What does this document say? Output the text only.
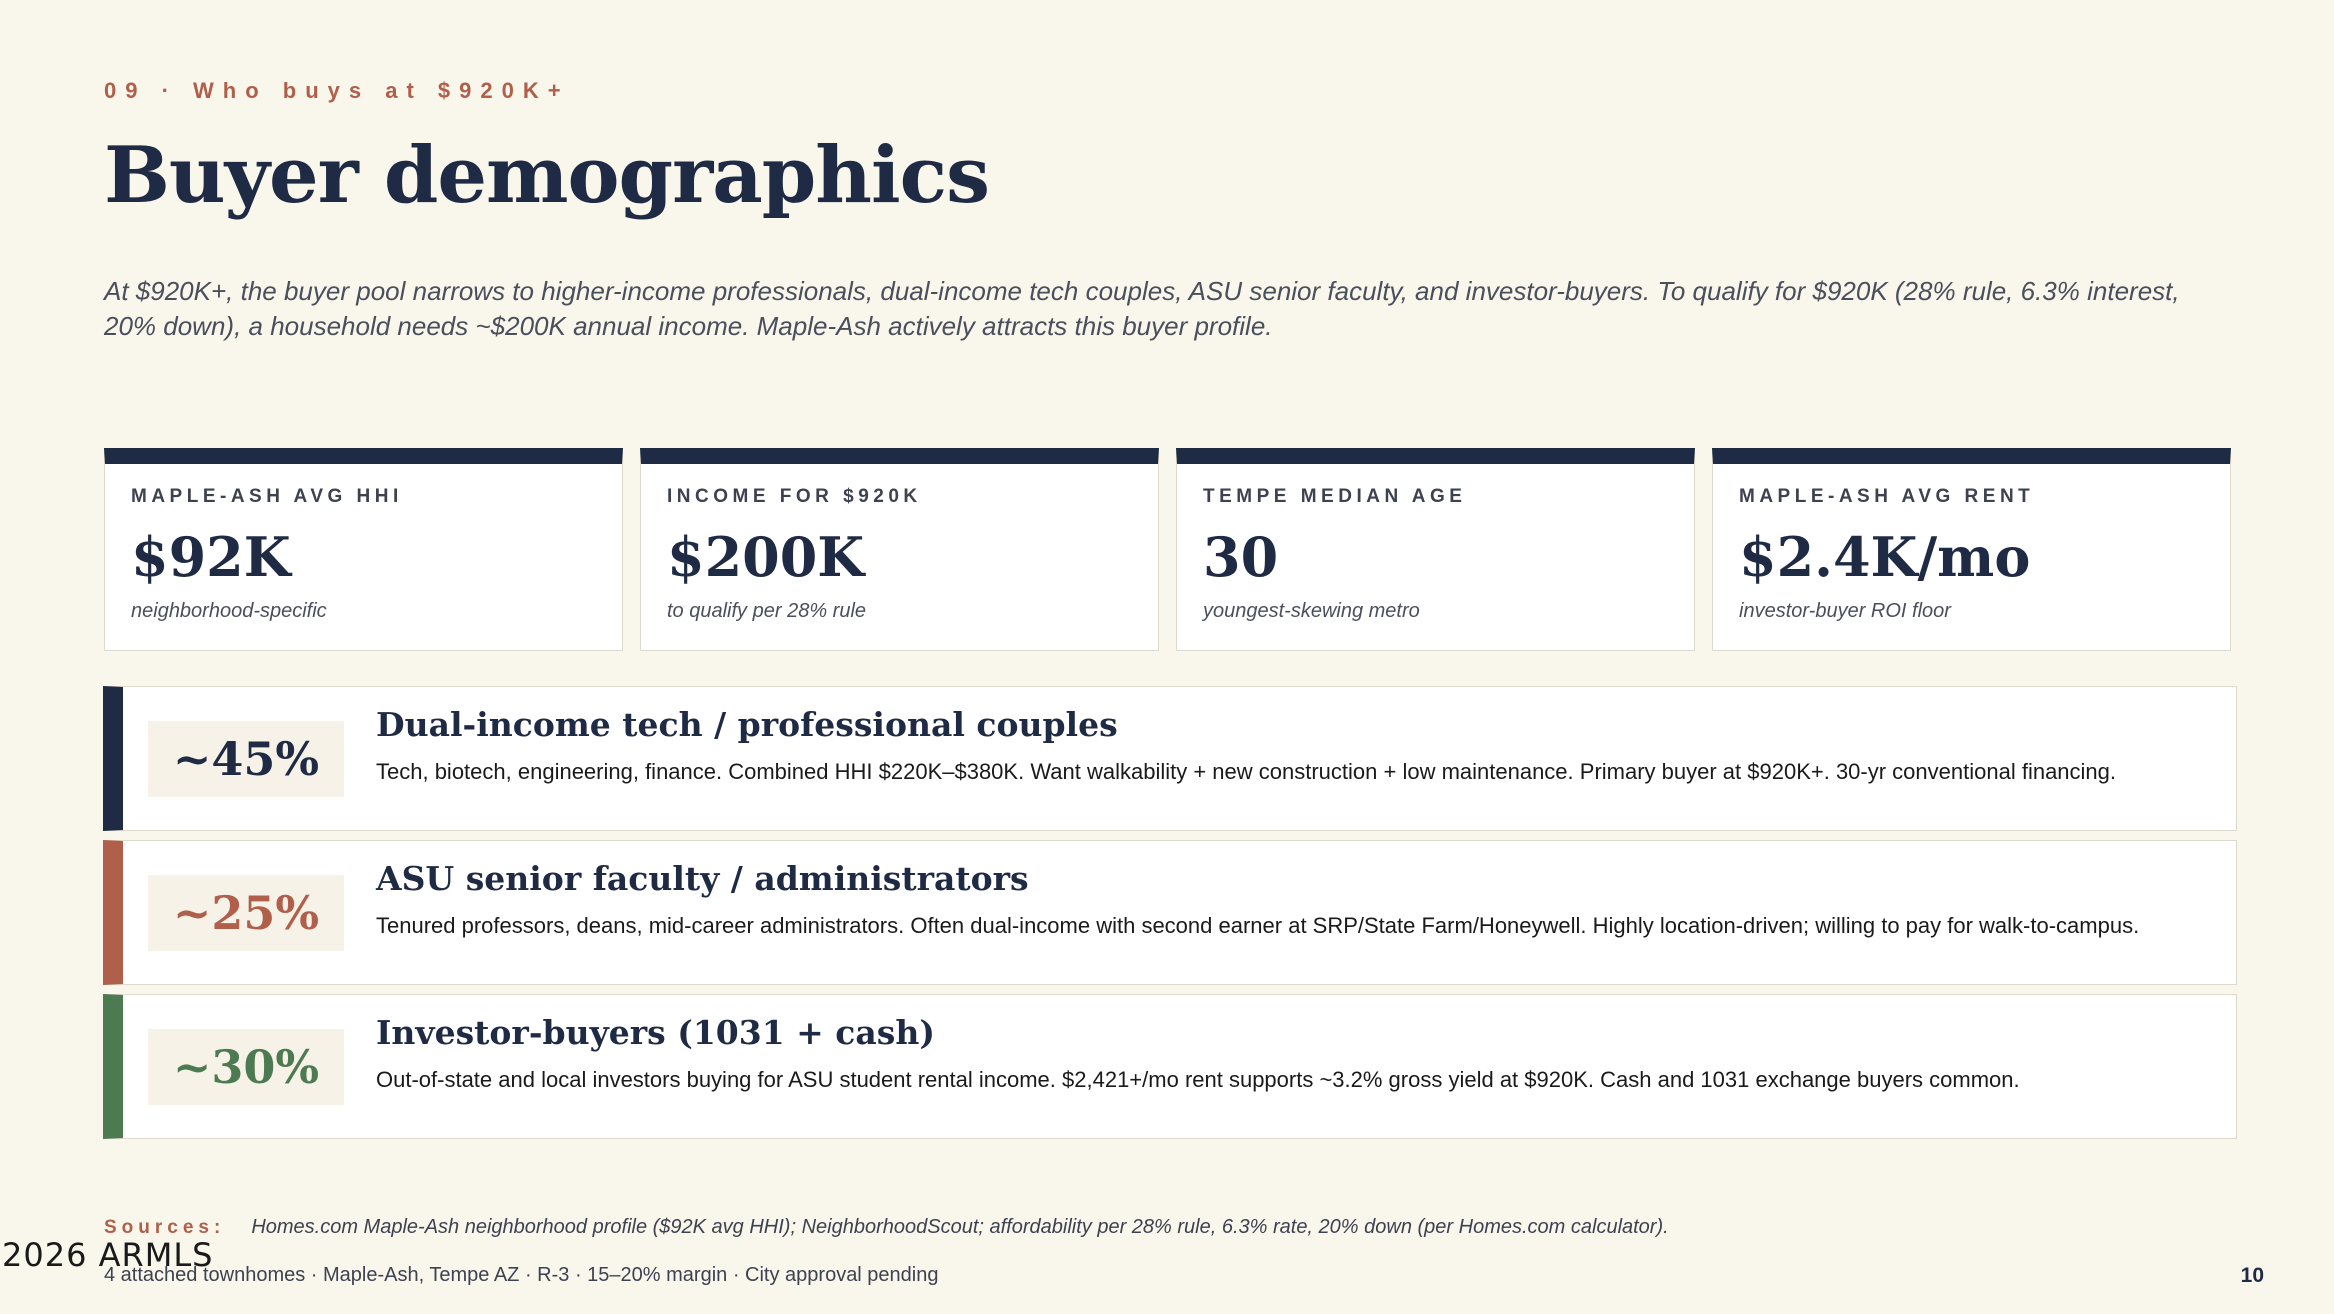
09 · Who buys at $920K+
Buyer demographics

At $920K+, the buyer pool narrows to higher-income professionals, dual-income tech couples, ASU senior faculty, and investor-buyers. To qualify for $920K (28% rule, 6.3% interest, 20% down), a household needs ~$200K annual income. Maple-Ash actively attracts this buyer profile.

MAPLE-ASH AVG HHI
$92K
neighborhood-specific
INCOME FOR $920K
$200K
to qualify per 28% rule
TEMPE MEDIAN AGE
30
youngest-skewing metro
MAPLE-ASH AVG RENT
$2.4K/mo
investor-buyer ROI floor
~45%
Dual-income tech / professional couples
Tech, biotech, engineering, finance. Combined HHI $220K–$380K. Want walkability + new construction + low maintenance. Primary buyer at $920K+. 30-yr conventional financing.
~25%
ASU senior faculty / administrators
Tenured professors, deans, mid-career administrators. Often dual-income with second earner at SRP/State Farm/Honeywell. Highly location-driven; willing to pay for walk-to-campus.
~30%
Investor-buyers (1031 + cash)
Out-of-state and local investors buying for ASU student rental income. $2,421+/mo rent supports ~3.2% gross yield at $920K. Cash and 1031 exchange buyers common.
Sources: Homes.com Maple-Ash neighborhood profile ($92K avg HHI); NeighborhoodScout; affordability per 28% rule, 6.3% rate, 20% down (per Homes.com calculator).
4 attached townhomes · Maple-Ash, Tempe AZ · R-3 · 15–20% margin · City approval pending
2026 ARMLS
10
